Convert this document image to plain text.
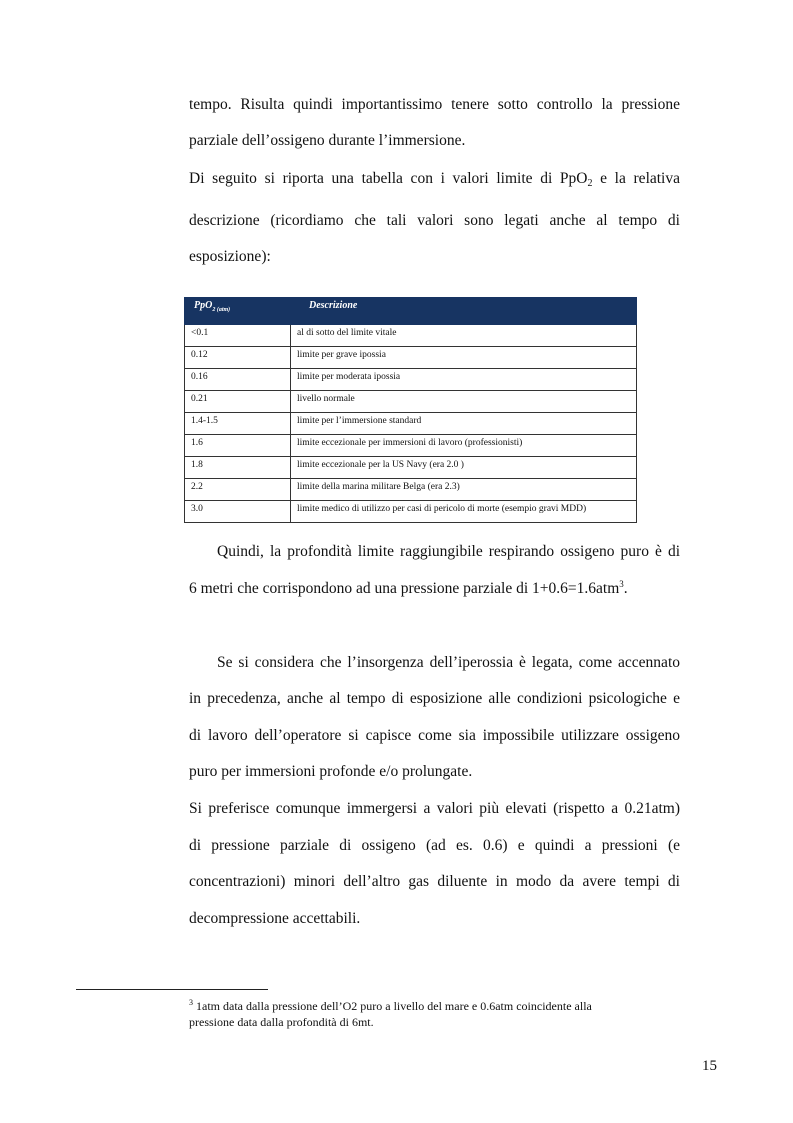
tempo. Risulta quindi importantissimo tenere sotto controllo la pressione

parziale dell’ossigeno durante l’immersione.

Di seguito si riporta una tabella con i valori limite di PpO$_2$ e la relativa

descrizione (ricordiamo che tali valori sono legati anche al tempo di

esposizione):

PpO$_{2 (atm)}$	Descrizione
<0.1	al di sotto del limite vitale
0.12	limite per grave ipossia
0.16	limite per moderata ipossia
0.21	livello normale
1.4-1.5	limite per l’immersione standard
1.6	limite eccezionale per immersioni di lavoro (professionisti)
1.8	limite eccezionale per la US Navy (era 2.0 )
2.2	limite della marina militare Belga (era 2.3)
3.0	limite medico di utilizzo per casi di pericolo di morte (esempio gravi MDD)

Quindi, la profondità limite raggiungibile respirando ossigeno puro è di

6 metri che corrispondono ad una pressione parziale di 1+0.6=1.6atm$^3$.

Se si considera che l’insorgenza dell’iperossia è legata, come accennato

in precedenza, anche al tempo di esposizione alle condizioni psicologiche e

di lavoro dell’operatore si capisce come sia impossibile utilizzare ossigeno

puro per immersioni profonde e/o prolungate.

Si preferisce comunque immergersi a valori più elevati (rispetto a 0.21atm)

di pressione parziale di ossigeno (ad es. 0.6) e quindi a pressioni (e

concentrazioni) minori dell’altro gas diluente in modo da avere tempi di

decompressione accettabili.

$^3$ 1atm data dalla pressione dell’O2 puro a livello del mare e 0.6atm coincidente alla

pressione data dalla profondità di 6mt.

15
